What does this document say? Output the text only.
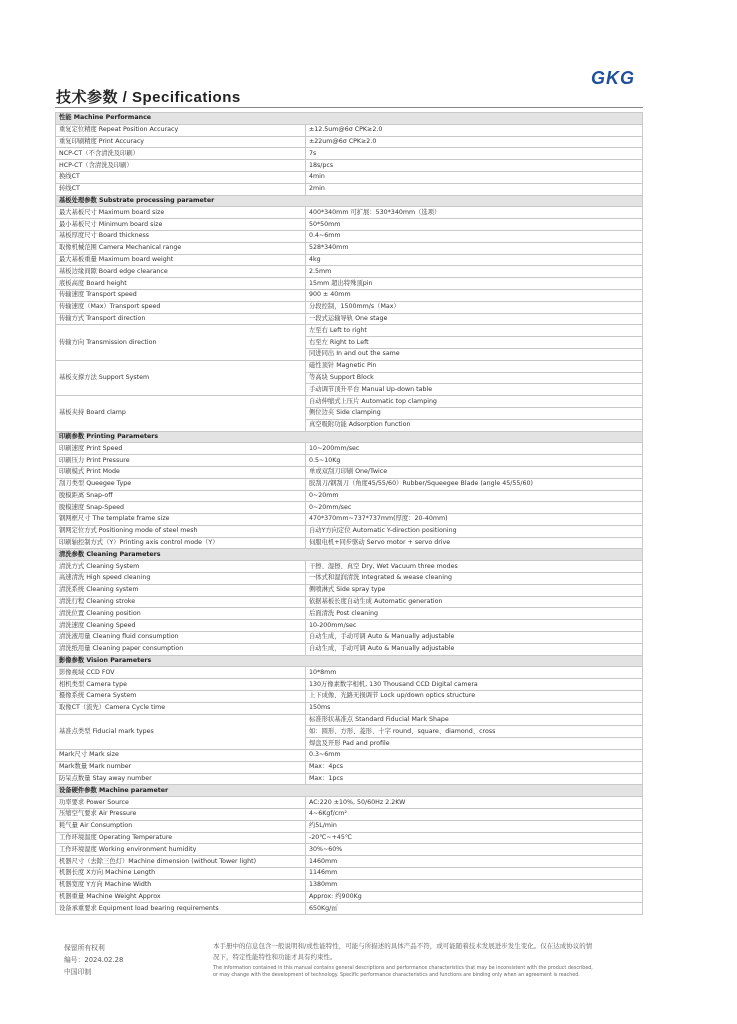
GKG
技术参数 / Specifications
性能 Machine Performance	
重复定位精度 Repeat Position Accuracy	±12.5um@6σ CPK≥2.0
重复印刷精度 Print Accuracy	±22um@6σ CPK≥2.0
NCP-CT（不含清洗及印刷）	7s
HCP-CT（含清洗及印刷）	18s/pcs
换线CT	4min
转线CT	2min
基板处理参数 Substrate processing parameter	
最大基板尺寸 Maximum board size	400*340mm 可扩展：530*340mm（选项）
最小基板尺寸 Minimum board size	50*50mm
基板厚度尺寸 Board thickness	0.4~6mm
取像机械范围 Camera Mechanical range	528*340mm
最大基板重量 Maximum board weight	4kg
基板边缘间隙 Board edge clearance	2.5mm
底板高度 Board height	15mm 超出特殊顶pin
传输速度 Transport speed	900 ± 40mm
传输速度（Max）Transport speed	分段控制，1500mm/s（Max）
传输方式 Transport direction	一段式运输导轨 One stage
传输方向 Transmission direction	左至右 Left to right
	右至左 Right to Left
	同进同出 In and out the same
基板支撑方法 Support System	磁性顶针 Magnetic Pin
	等高块 Support Block
	手动调节顶升平台 Manual Up-down table
基板夹持 Board clamp	自动伸缩式上压片 Automatic top clamping
	侧位边夹 Side clamping
	真空吸附功能 Adsorption function
印刷参数 Printing Parameters	
印刷速度 Print Speed	10~200mm/sec
印刷压力 Print Pressure	0.5~10Kg
印刷模式 Print Mode	单或双刮刀印刷 One/Twice
刮刀类型 Queegee Type	胶刮刀/钢刮刀（角度45/55/60）Rubber/Squeegee Blade (angle 45/55/60)
脱模距离 Snap-off	0~20mm
脱模速度 Snap-Speed	0~20mm/sec
钢网框尺寸 The template frame size	470*370mm~737*737mm(厚度：20-40mm)
钢网定位方式 Positioning mode of steel mesh	自动Y方向定位 Automatic Y-direction positioning
印刷轴控制方式（Y）Printing axis control mode（Y）	伺服电机+同步驱动 Servo motor + servo drive
清洗参数 Cleaning Parameters	
清洗方式 Cleaning System	干擦、湿擦、真空 Dry, Wet Vacuum three modes
高速清洗 High speed cleaning	一体式和湿润清洗 Integrated & wease cleaning
清洗系统 Cleaning system	侧喷淋式 Side spray type
清洗行程 Cleaning stroke	依据基板长度自动生成 Automatic generation
清洗位置 Cleaning position	后面清洗 Post cleaning
清洗速度 Cleaning Speed	10-200mm/sec
清洗液用量 Cleaning fluid consumption	自动生成，手动可调 Auto & Manually adjustable
清洗纸用量 Cleaning paper consumption	自动生成，手动可调 Auto & Manually adjustable
影像参数 Vision Parameters	
影像视域 CCD FOV	10*8mm
相机类型 Camera type	130万像素数字相机, 130 Thousand CCD Digital camera
摄像系统 Camera System	上下成像、光路无损调节 Lock up/down optics structure
取像CT（流先）Camera Cycle time	150ms
基准点类型 Fiducial mark types	标准形状基准点 Standard Fiducial Mark Shape
	如：圆形、方形、菱形、十字 round、square、diamond、cross
	焊盘及开形 Pad and profile
Mark尺寸 Mark size	0.3~6mm
Mark数量 Mark number	Max：4pcs
防呆点数量 Stay away number	Max：1pcs
设备硬件参数 Machine parameter	
功率要求 Power Source	AC:220 ±10%, 50/60Hz 2.2KW
压缩空气要求 Air Pressure	4~6Kgf/cm²
耗气量 Air Consumption	约5L/min
工作环境温度 Operating Temperature	-20℃~+45℃
工作环境湿度 Working environment humidity	30%~60%
机器尺寸（去除三色灯）Machine dimension (without Tower light)	1460mm
机器长度 X方向 Machine Length	1146mm
机器宽度 Y方向 Machine Width	1380mm
机器重量 Machine Weight Approx	Approx: 约900Kg
设备承重要求 Equipment load bearing requirements	650Kg/㎡
保留所有权利
编号：2024.02.28
中国印制
本手册中的信息包含一般说明和/或性能特性，可能与所描述的具体产品不符，或可能随着技术发展进步发生变化。仅在达成协议的情
况下，特定性能特性和功能才具有约束性。
The information contained in this manual contains general descriptions and performance characteristics that may be inconsistent with the product described,
or may change with the development of technology. Specific performance characteristics and functions are binding only when an agreement is reached.
